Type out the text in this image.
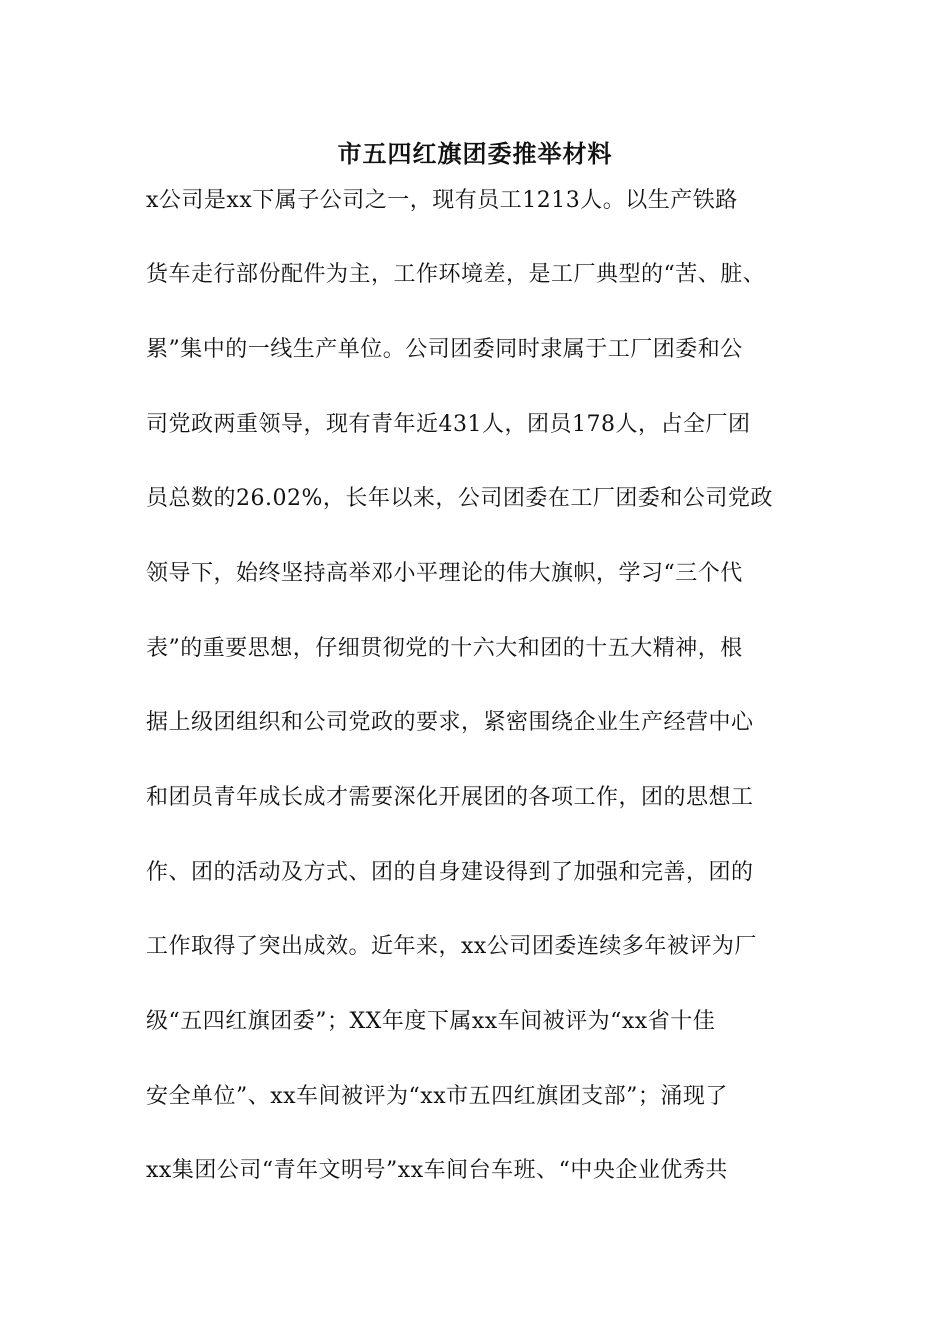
市五四红旗团委推举材料
x公司是xx下属子公司之一，现有员工1213人。以生产铁路
货车走行部份配件为主，工作环境差，是工厂典型的“苦、脏、
累”集中的一线生产单位。公司团委同时隶属于工厂团委和公
司党政两重领导，现有青年近431人，团员178人，占全厂团
员总数的26.02%，长年以来，公司团委在工厂团委和公司党政
领导下，始终坚持高举邓小平理论的伟大旗帜，学习“三个代
表”的重要思想，仔细贯彻党的十六大和团的十五大精神，根
据上级团组织和公司党政的要求，紧密围绕企业生产经营中心
和团员青年成长成才需要深化开展团的各项工作，团的思想工
作、团的活动及方式、团的自身建设得到了加强和完善，团的
工作取得了突出成效。近年来，xx公司团委连续多年被评为厂
级“五四红旗团委”；XX年度下属xx车间被评为“xx省十佳
安全单位”、xx车间被评为“xx市五四红旗团支部”；涌现了
xx集团公司“青年文明号”xx车间台车班、“中央企业优秀共
